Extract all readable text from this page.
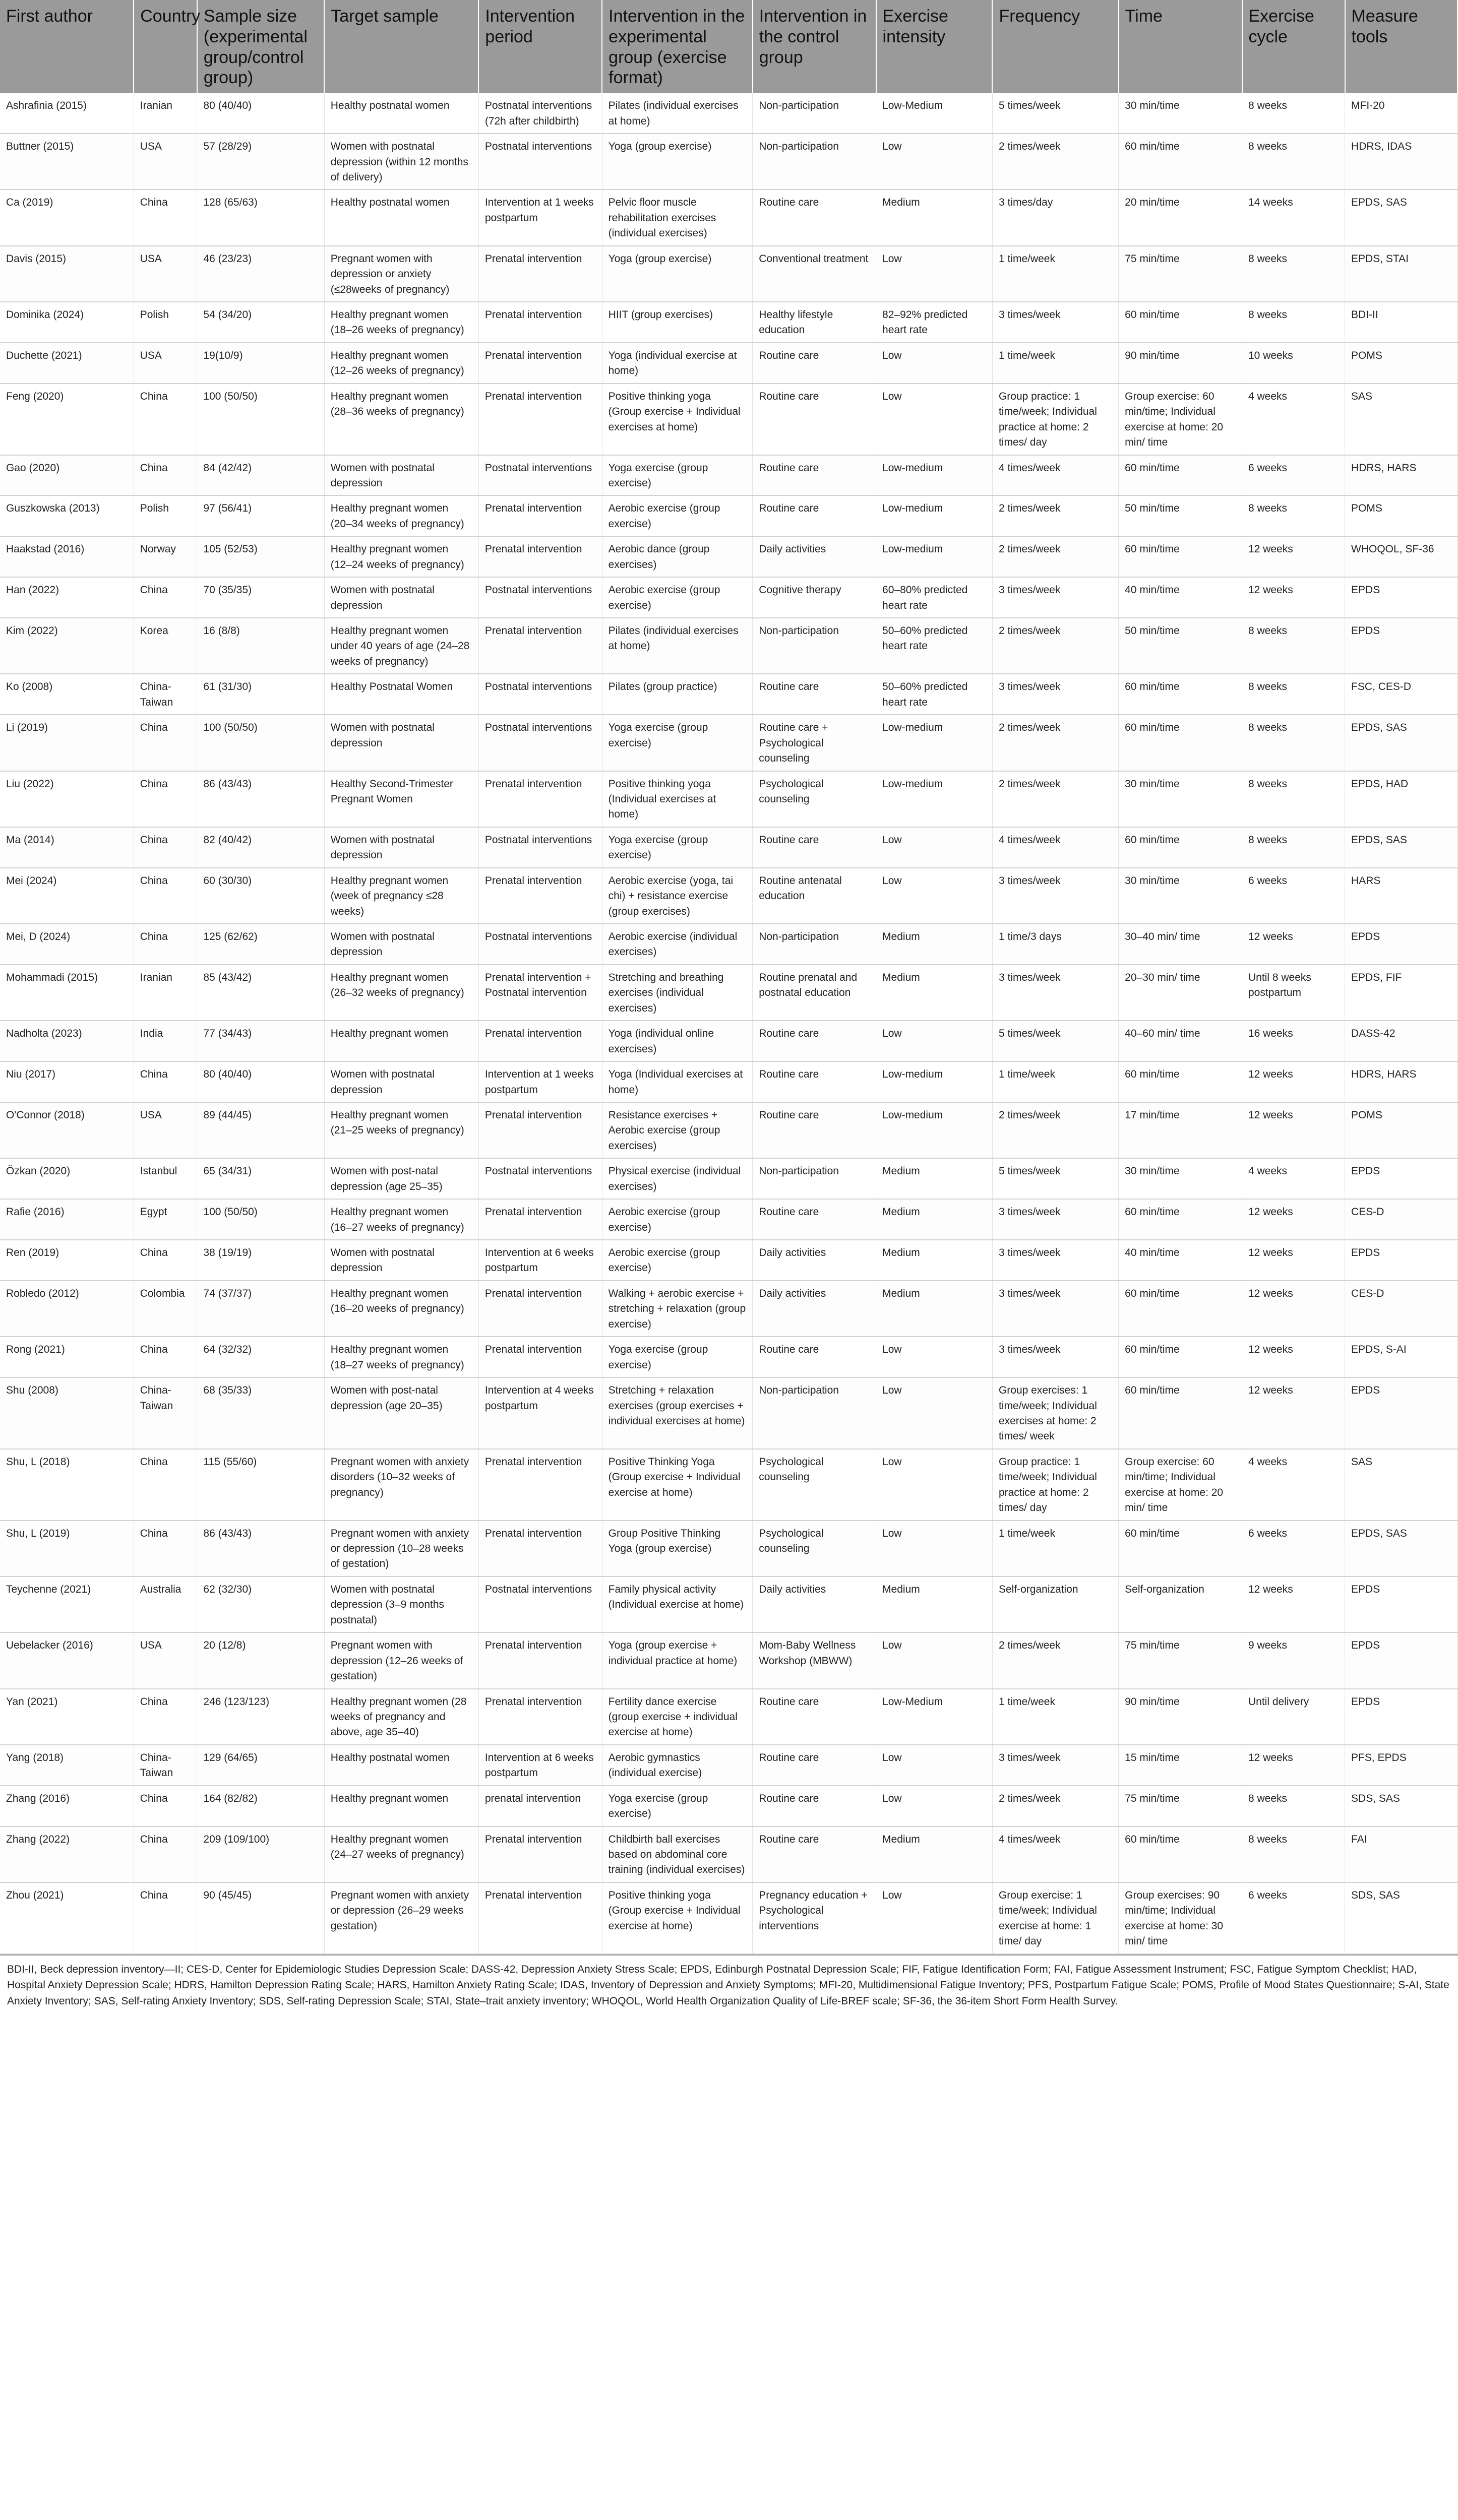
First author	Country	Sample size (experimental group/control group)	Target sample	Intervention period	Intervention in the experimental group (exercise format)	Intervention in the control group	Exercise intensity	Frequency	Time	Exercise cycle	Measure tools
Ashrafinia (2015)	Iranian	80 (40/40)	Healthy postnatal women	Postnatal interventions (72h after childbirth)	Pilates (individual exercises at home)	Non-participation	Low-Medium	5 times/week	30 min/time	8 weeks	MFI-20
Buttner (2015)	USA	57 (28/29)	Women with postnatal depression (within 12 months of delivery)	Postnatal interventions	Yoga (group exercise)	Non-participation	Low	2 times/week	60 min/time	8 weeks	HDRS, IDAS
Ca (2019)	China	128 (65/63)	Healthy postnatal women	Intervention at 1 weeks postpartum	Pelvic floor muscle rehabilitation exercises (individual exercises)	Routine care	Medium	3 times/day	20 min/time	14 weeks	EPDS, SAS
Davis (2015)	USA	46 (23/23)	Pregnant women with depression or anxiety (≤28weeks of pregnancy)	Prenatal intervention	Yoga (group exercise)	Conventional treatment	Low	1 time/week	75 min/time	8 weeks	EPDS, STAI
Dominika (2024)	Polish	54 (34/20)	Healthy pregnant women (18–26 weeks of pregnancy)	Prenatal intervention	HIIT (group exercises)	Healthy lifestyle education	82–92% predicted heart rate	3 times/week	60 min/time	8 weeks	BDI-II
Duchette (2021)	USA	19(10/9)	Healthy pregnant women (12–26 weeks of pregnancy)	Prenatal intervention	Yoga (individual exercise at home)	Routine care	Low	1 time/week	90 min/time	10 weeks	POMS
Feng (2020)	China	100 (50/50)	Healthy pregnant women (28–36 weeks of pregnancy)	Prenatal intervention	Positive thinking yoga (Group exercise + Individual exercises at home)	Routine care	Low	Group practice: 1 time/week; Individual practice at home: 2 times/ day	Group exercise: 60 min/time; Individual exercise at home: 20 min/ time	4 weeks	SAS
Gao (2020)	China	84 (42/42)	Women with postnatal depression	Postnatal interventions	Yoga exercise (group exercise)	Routine care	Low-medium	4 times/week	60 min/time	6 weeks	HDRS, HARS
Guszkowska (2013)	Polish	97 (56/41)	Healthy pregnant women (20–34 weeks of pregnancy)	Prenatal intervention	Aerobic exercise (group exercise)	Routine care	Low-medium	2 times/week	50 min/time	8 weeks	POMS
Haakstad (2016)	Norway	105 (52/53)	Healthy pregnant women (12–24 weeks of pregnancy)	Prenatal intervention	Aerobic dance (group exercises)	Daily activities	Low-medium	2 times/week	60 min/time	12 weeks	WHOQOL, SF-36
Han (2022)	China	70 (35/35)	Women with postnatal depression	Postnatal interventions	Aerobic exercise (group exercise)	Cognitive therapy	60–80% predicted heart rate	3 times/week	40 min/time	12 weeks	EPDS
Kim (2022)	Korea	16 (8/8)	Healthy pregnant women under 40 years of age (24–28 weeks of pregnancy)	Prenatal intervention	Pilates (individual exercises at home)	Non-participation	50–60% predicted heart rate	2 times/week	50 min/time	8 weeks	EPDS
Ko (2008)	China-Taiwan	61 (31/30)	Healthy Postnatal Women	Postnatal interventions	Pilates (group practice)	Routine care	50–60% predicted heart rate	3 times/week	60 min/time	8 weeks	FSC, CES-D
Li (2019)	China	100 (50/50)	Women with postnatal depression	Postnatal interventions	Yoga exercise (group exercise)	Routine care + Psychological counseling	Low-medium	2 times/week	60 min/time	8 weeks	EPDS, SAS
Liu (2022)	China	86 (43/43)	Healthy Second-Trimester Pregnant Women	Prenatal intervention	Positive thinking yoga (Individual exercises at home)	Psychological counseling	Low-medium	2 times/week	30 min/time	8 weeks	EPDS, HAD
Ma (2014)	China	82 (40/42)	Women with postnatal depression	Postnatal interventions	Yoga exercise (group exercise)	Routine care	Low	4 times/week	60 min/time	8 weeks	EPDS, SAS
Mei (2024)	China	60 (30/30)	Healthy pregnant women (week of pregnancy ≤28 weeks)	Prenatal intervention	Aerobic exercise (yoga, tai chi) + resistance exercise (group exercises)	Routine antenatal education	Low	3 times/week	30 min/time	6 weeks	HARS
Mei, D (2024)	China	125 (62/62)	Women with postnatal depression	Postnatal interventions	Aerobic exercise (individual exercises)	Non-participation	Medium	1 time/3 days	30–40 min/ time	12 weeks	EPDS
Mohammadi (2015)	Iranian	85 (43/42)	Healthy pregnant women (26–32 weeks of pregnancy)	Prenatal intervention + Postnatal intervention	Stretching and breathing exercises (individual exercises)	Routine prenatal and postnatal education	Medium	3 times/week	20–30 min/ time	Until 8 weeks postpartum	EPDS, FIF
Nadholta (2023)	India	77 (34/43)	Healthy pregnant women	Prenatal intervention	Yoga (individual online exercises)	Routine care	Low	5 times/week	40–60 min/ time	16 weeks	DASS-42
Niu (2017)	China	80 (40/40)	Women with postnatal depression	Intervention at 1 weeks postpartum	Yoga (Individual exercises at home)	Routine care	Low-medium	1 time/week	60 min/time	12 weeks	HDRS, HARS
O'Connor (2018)	USA	89 (44/45)	Healthy pregnant women (21–25 weeks of pregnancy)	Prenatal intervention	Resistance exercises + Aerobic exercise (group exercises)	Routine care	Low-medium	2 times/week	17 min/time	12 weeks	POMS
Özkan (2020)	Istanbul	65 (34/31)	Women with post-natal depression (age 25–35)	Postnatal interventions	Physical exercise (individual exercises)	Non-participation	Medium	5 times/week	30 min/time	4 weeks	EPDS
Rafie (2016)	Egypt	100 (50/50)	Healthy pregnant women (16–27 weeks of pregnancy)	Prenatal intervention	Aerobic exercise (group exercise)	Routine care	Medium	3 times/week	60 min/time	12 weeks	CES-D
Ren (2019)	China	38 (19/19)	Women with postnatal depression	Intervention at 6 weeks postpartum	Aerobic exercise (group exercise)	Daily activities	Medium	3 times/week	40 min/time	12 weeks	EPDS
Robledo (2012)	Colombia	74 (37/37)	Healthy pregnant women (16–20 weeks of pregnancy)	Prenatal intervention	Walking + aerobic exercise + stretching + relaxation (group exercise)	Daily activities	Medium	3 times/week	60 min/time	12 weeks	CES-D
Rong (2021)	China	64 (32/32)	Healthy pregnant women (18–27 weeks of pregnancy)	Prenatal intervention	Yoga exercise (group exercise)	Routine care	Low	3 times/week	60 min/time	12 weeks	EPDS, S-AI
Shu (2008)	China-Taiwan	68 (35/33)	Women with post-natal depression (age 20–35)	Intervention at 4 weeks postpartum	Stretching + relaxation exercises (group exercises + individual exercises at home)	Non-participation	Low	Group exercises: 1 time/week; Individual exercises at home: 2 times/ week	60 min/time	12 weeks	EPDS
Shu, L (2018)	China	115 (55/60)	Pregnant women with anxiety disorders (10–32 weeks of pregnancy)	Prenatal intervention	Positive Thinking Yoga (Group exercise + Individual exercise at home)	Psychological counseling	Low	Group practice: 1 time/week; Individual practice at home: 2 times/ day	Group exercise: 60 min/time; Individual exercise at home: 20 min/ time	4 weeks	SAS
Shu, L (2019)	China	86 (43/43)	Pregnant women with anxiety or depression (10–28 weeks of gestation)	Prenatal intervention	Group Positive Thinking Yoga (group exercise)	Psychological counseling	Low	1 time/week	60 min/time	6 weeks	EPDS, SAS
Teychenne (2021)	Australia	62 (32/30)	Women with postnatal depression (3–9 months postnatal)	Postnatal interventions	Family physical activity (Individual exercise at home)	Daily activities	Medium	Self-organization	Self-organization	12 weeks	EPDS
Uebelacker (2016)	USA	20 (12/8)	Pregnant women with depression (12–26 weeks of gestation)	Prenatal intervention	Yoga (group exercise + individual practice at home)	Mom-Baby Wellness Workshop (MBWW)	Low	2 times/week	75 min/time	9 weeks	EPDS
Yan (2021)	China	246 (123/123)	Healthy pregnant women (28 weeks of pregnancy and above, age 35–40)	Prenatal intervention	Fertility dance exercise (group exercise + individual exercise at home)	Routine care	Low-Medium	1 time/week	90 min/time	Until delivery	EPDS
Yang (2018)	China-Taiwan	129 (64/65)	Healthy postnatal women	Intervention at 6 weeks postpartum	Aerobic gymnastics (individual exercise)	Routine care	Low	3 times/week	15 min/time	12 weeks	PFS, EPDS
Zhang (2016)	China	164 (82/82)	Healthy pregnant women	prenatal intervention	Yoga exercise (group exercise)	Routine care	Low	2 times/week	75 min/time	8 weeks	SDS, SAS
Zhang (2022)	China	209 (109/100)	Healthy pregnant women (24–27 weeks of pregnancy)	Prenatal intervention	Childbirth ball exercises based on abdominal core training (individual exercises)	Routine care	Medium	4 times/week	60 min/time	8 weeks	FAI
Zhou (2021)	China	90 (45/45)	Pregnant women with anxiety or depression (26–29 weeks gestation)	Prenatal intervention	Positive thinking yoga (Group exercise + Individual exercise at home)	Pregnancy education + Psychological interventions	Low	Group exercise: 1 time/week; Individual exercise at home: 1 time/ day	Group exercises: 90 min/time; Individual exercise at home: 30 min/ time	6 weeks	SDS, SAS
BDI-II, Beck depression inventory—II; CES-D, Center for Epidemiologic Studies Depression Scale; DASS-42, Depression Anxiety Stress Scale; EPDS, Edinburgh Postnatal Depression Scale; FIF, Fatigue Identification Form; FAI, Fatigue Assessment Instrument; FSC, Fatigue Symptom Checklist; HAD, Hospital Anxiety Depression Scale; HDRS, Hamilton Depression Rating Scale; HARS, Hamilton Anxiety Rating Scale; IDAS, Inventory of Depression and Anxiety Symptoms; MFI-20, Multidimensional Fatigue Inventory; PFS, Postpartum Fatigue Scale; POMS, Profile of Mood States Questionnaire; S-AI, State Anxiety Inventory; SAS, Self-rating Anxiety Inventory; SDS, Self-rating Depression Scale; STAI, State–trait anxiety inventory; WHOQOL, World Health Organization Quality of Life-BREF scale; SF-36, the 36-item Short Form Health Survey.
